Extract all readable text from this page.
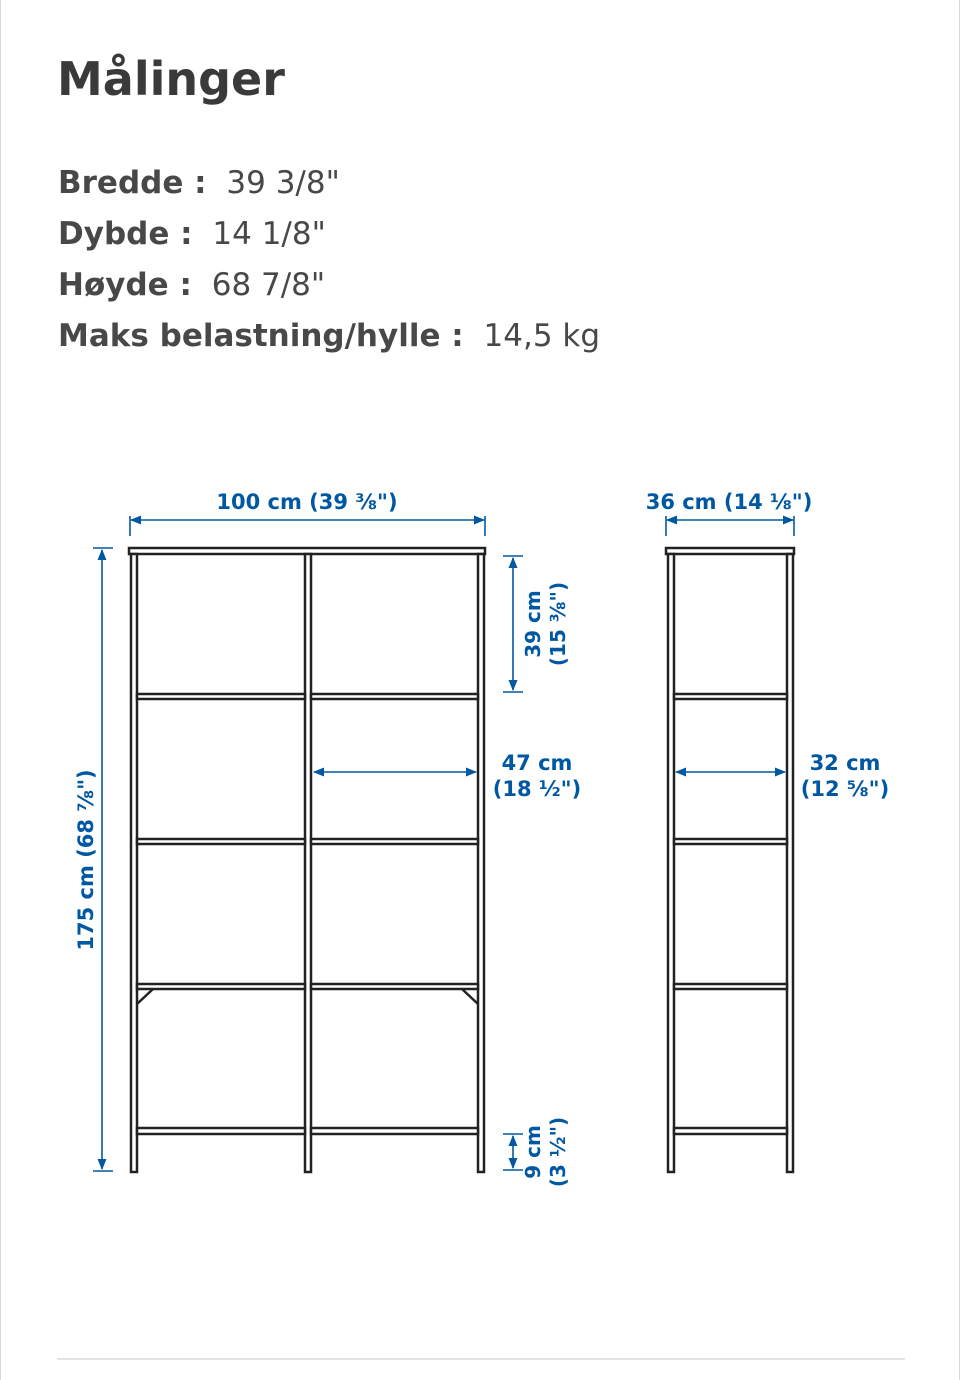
Målinger
Bredde : 39 3/8"
Dybde : 14 1/8"
Høyde : 68 7/8"
Maks belastning/hylle : 14,5 kg
100 cm (39 ⅜")
175 cm (68 ⅞")
39 cm (15 ⅜")
47 cm
(18 ½")
9 cm (3 ½")
36 cm (14 ⅛")
32 cm
(12 ⅝")
